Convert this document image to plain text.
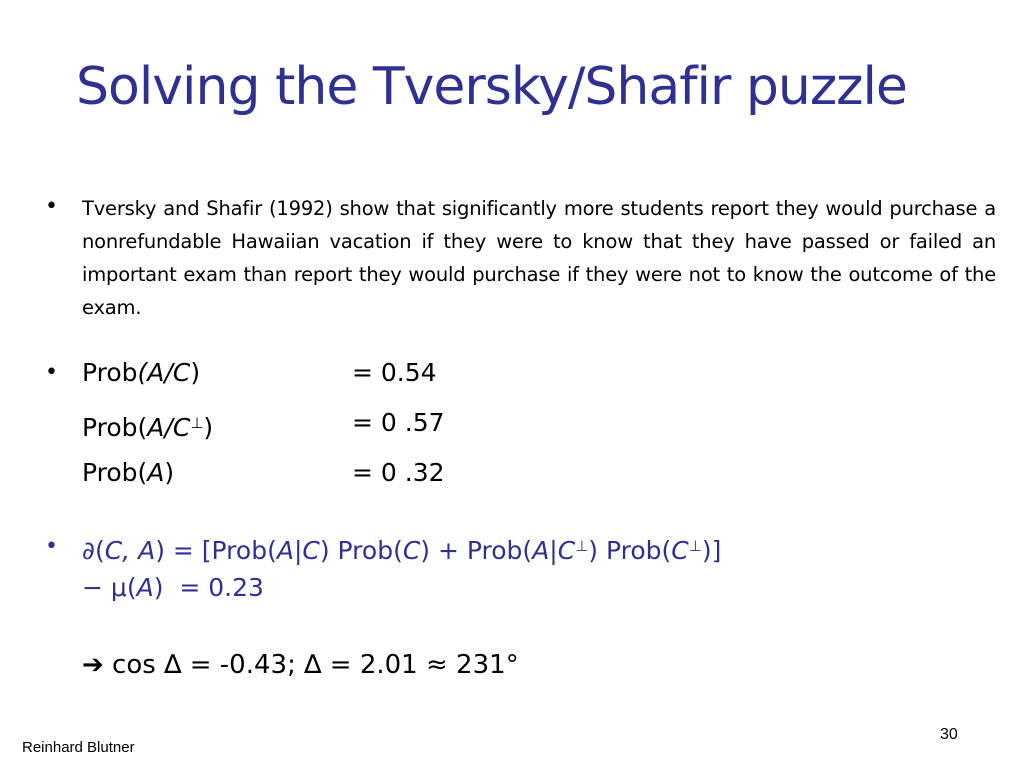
Solving the Tversky/Shafir puzzle
• Tversky and Shafir (1992) show that significantly more students report they would purchase a nonrefundable Hawaiian vacation if they were to know that they have passed or failed an important exam than report they would purchase if they were not to know the outcome of the exam.
• Prob(A/C)	= 0.54
Prob(A/C⊥)	= 0 .57
Prob(A)	= 0 .32
• ∂(C, A) = [Prob(A|C) Prob(C) + Prob(A|C⊥) Prob(C⊥)]
− μ(A)  = 0.23
➔ cos ∆ = -0.43; ∆ = 2.01 ≈ 231°
Reinhard Blutner
30
